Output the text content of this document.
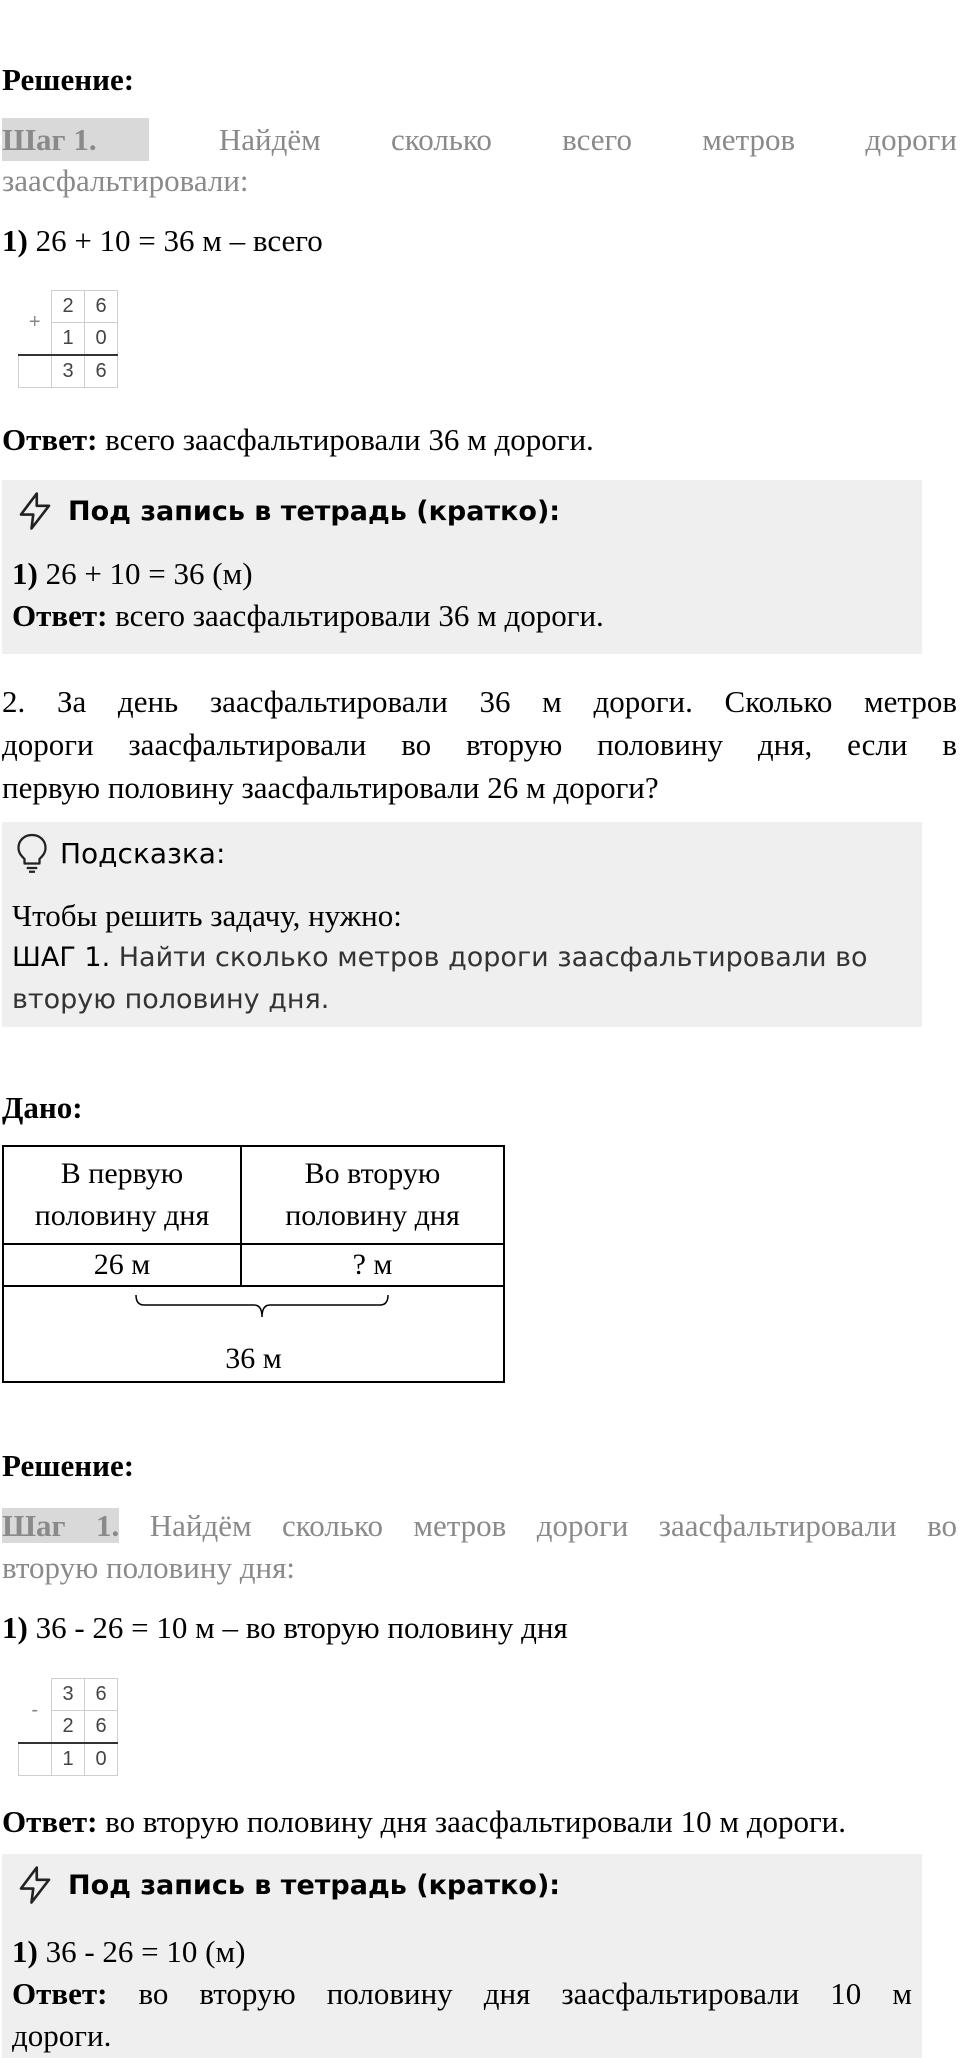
Решение:
Шаг 1.	Найдём сколько всего метров дороги
заасфальтировали:
1) 26 + 10 = 36 м – всего
+	2	6
	1	0
	3	6
Ответ: всего заасфальтировали 36 м дороги.
Под запись в тетрадь (кратко):
1) 26 + 10 = 36 (м)
Ответ: всего заасфальтировали 36 м дороги.
2. За день заасфальтировали 36 м дороги. Сколько метров
дороги заасфальтировали во вторую половину дня, если в
первую половину заасфальтировали 26 м дороги?
Подсказка:
Чтобы решить задачу, нужно:
ШАГ 1. Найти сколько метров дороги заасфальтировали во
вторую половину дня.
Дано:
В первую
половину дня	Во вторую
половину дня
26 м	? м

36 м	
Решение:
Шаг 1. Найдём сколько метров дороги заасфальтировали во
вторую половину дня:
1) 36 - 26 = 10 м – во вторую половину дня
-	3	6
	2	6
	1	0
Ответ: во вторую половину дня заасфальтировали 10 м дороги.
Под запись в тетрадь (кратко):
1) 36 - 26 = 10 (м)
Ответ: во вторую половину дня заасфальтировали 10 м
дороги.
